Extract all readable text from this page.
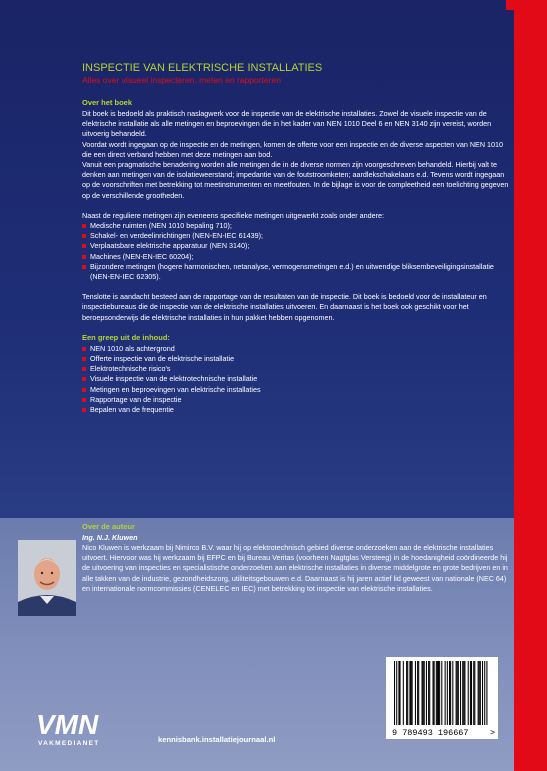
INSPECTIE VAN ELEKTRISCHE INSTALLATIES

Alles over visueel inspecteren, meten en rapporteren

Over het boek

Dit boek is bedoeld als praktisch naslagwerk voor de inspectie van de elektrische installaties. Zowel de visuele inspectie van de elektrische installatie als alle metingen en beproevingen die in het kader van NEN 1010 Deel 6 en NEN 3140 zijn vereist, worden uitvoerig behandeld.

Voordat wordt ingegaan op de inspectie en de metingen, komen de offerte voor een inspectie en de diverse aspecten van NEN 1010 die een direct verband hebben met deze metingen aan bod.

Vanuit een pragmatische benadering worden alle metingen die in de diverse normen zijn voorgeschreven behandeld. Hierbij valt te denken aan metingen van de isolatieweerstand; impedantie van de foutstroomketen; aardlekschakelaars e.d. Tevens wordt ingegaan op de voorschriften met betrekking tot meetinstrumenten en meetfouten. In de bijlage is voor de compleetheid een toelichting gegeven op de verschillende grootheden.

Naast de reguliere metingen zijn eveneens specifieke metingen uitgewerkt zoals onder andere:

Medische ruimten (NEN 1010 bepaling 710);
Schakel- en verdeelinrichtingen (NEN-EN-IEC 61439);
Verplaatsbare elektrische apparatuur (NEN 3140);
Machines (NEN-EN-IEC 60204);
Bijzondere metingen (hogere harmonischen, netanalyse, vermogensmetingen e.d.) en uitwendige bliksembeveiligingsinstallatie (NEN-EN-IEC 62305).

Tenslotte is aandacht besteed aan de rapportage van de resultaten van de inspectie. Dit boek is bedoeld voor de installateur en inspectiebureaus die de inspectie van de elektrische installaties uitvoeren. En daarnaast is het boek ook geschikt voor het beroepsonderwijs die elektrische installaties in hun pakket hebben opgenomen.

Een greep uit de inhoud:

NEN 1010 als achtergrond
Offerte inspectie van de elektrische installatie
Elektrotechnische risico's
Visuele inspectie van de elektrotechnische installatie
Metingen en beproevingen van elektrische installaties
Rapportage van de inspectie
Bepalen van de frequentie
Over de auteur
Ing. N.J. Kluwen
Nico Kluwen is werkzaam bij Nimirco B.V. waar hij op elektrotechnisch gebied diverse onderzoeken aan de elektrische installaties uitvoert. Hiervoor was hij werkzaam bij EFPC en bij Bureau Veritas (voorheen Nagtglas Versteeg) in de hoedanigheid coördineerde hij de uitvoering van inspecties en specialistische onderzoeken aan elektrische installaties in diverse middelgrote en grote bedrijven en in alle takken van de industrie, gezondheidszorg, utiliteitsgebouwen e.d. Daarnaast is hij jaren actief lid geweest van nationale (NEC 64) en internationale normcommissies (CENELEC en IEC) met betrekking tot inspectie van elektrische installaties.
VMN
VAKMEDIANET	kennisbank.installatiejournaal.nl
9 789493 196667	>
